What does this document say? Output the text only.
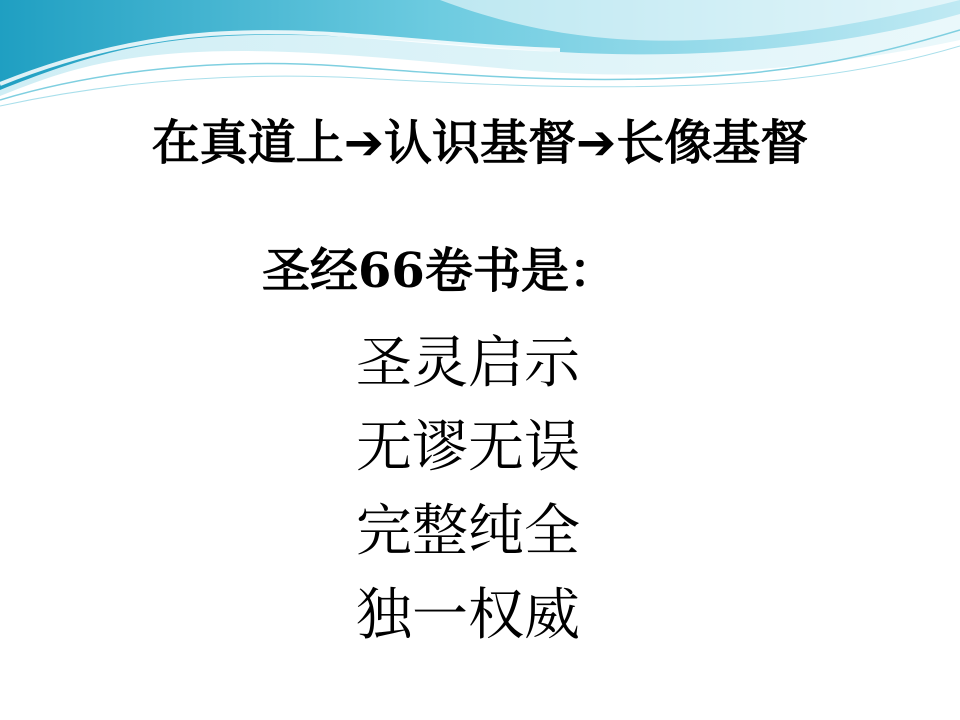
在真道上➔认识基督➔长像基督
圣经66卷书是：
圣灵启示
无谬无误
完整纯全
独一权威
